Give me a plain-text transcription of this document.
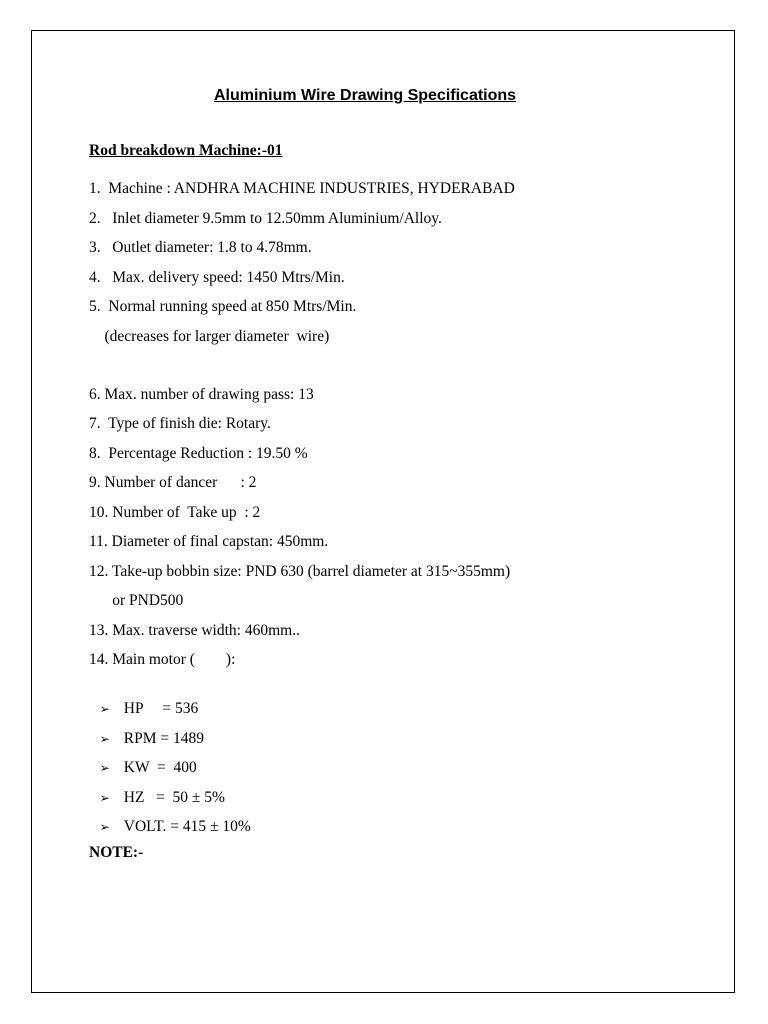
Aluminium Wire Drawing Specifications
Rod breakdown Machine:-01
1.  Machine : ANDHRA MACHINE INDUSTRIES, HYDERABAD
2.   Inlet diameter 9.5mm to 12.50mm Aluminium/Alloy.
3.   Outlet diameter: 1.8 to 4.78mm.
4.   Max. delivery speed: 1450 Mtrs/Min.
5.  Normal running speed at 850 Mtrs/Min.
(decreases for larger diameter  wire)
6. Max. number of drawing pass: 13
7.  Type of finish die: Rotary.
8.  Percentage Reduction : 19.50 %
9. Number of dancer      : 2
10. Number of  Take up  : 2
11. Diameter of final capstan: 450mm.
12. Take-up bobbin size: PND 630 (barrel diameter at 315~355mm)
or PND500
13. Max. traverse width: 460mm..
14. Main motor (        ):

➢ HP     = 536

➢ RPM = 1489

➢ KW  =  400

➢ HZ   =  50 ± 5%

➢ VOLT. = 415 ± 10%

NOTE:-
